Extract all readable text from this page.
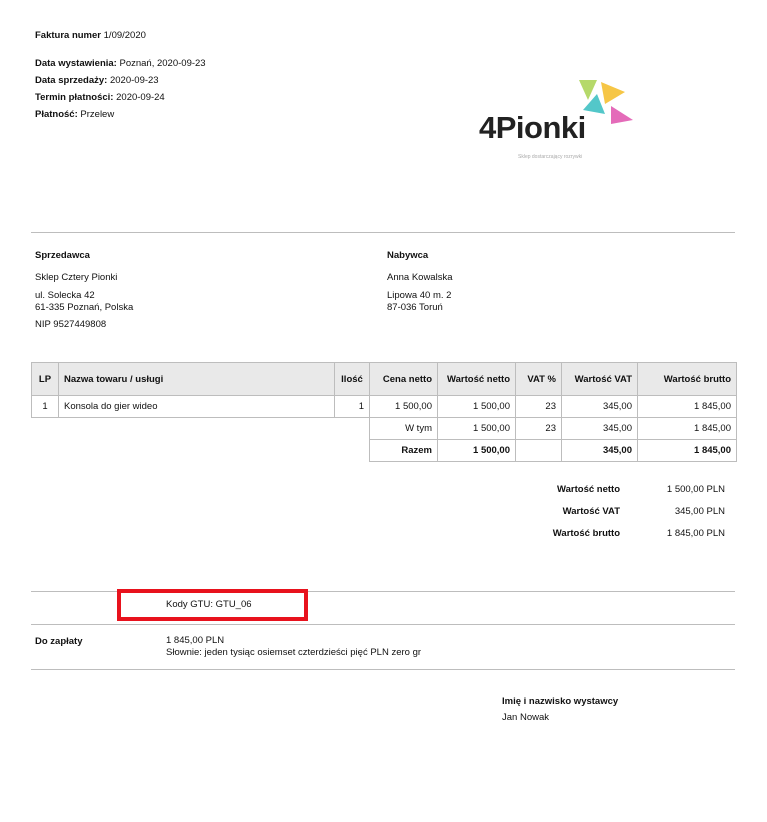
Faktura numer 1/09/2020
Data wystawienia: Poznań, 2020-09-23
Data sprzedaży: 2020-09-23
Termin płatności: 2020-09-24
Płatność: Przelew	4Pionki
Sklep dostarczający rozrywki
Sprzedawca
Sklep Cztery Pionki
ul. Solecka 42
61-335 Poznań, Polska
NIP 9527449808
Nabywca
Anna Kowalska
Lipowa 40 m. 2
87-036 Toruń
LP	Nazwa towaru / usługi	Ilość	Cena netto	Wartość netto	VAT %	Wartość VAT	Wartość brutto
1	Konsola do gier wideo	1	1 500,00	1 500,00	23	345,00	1 845,00
			W tym	1 500,00	23	345,00	1 845,00
			Razem	1 500,00		345,00	1 845,00
Wartość netto	1 500,00 PLN
Wartość VAT	345,00 PLN
Wartość brutto	1 845,00 PLN
Kody GTU: GTU_06
Do zapłaty	1 845,00 PLN
Słownie: jeden tysiąc osiemset czterdzieści pięć PLN zero gr
Imię i nazwisko wystawcy
Jan Nowak
